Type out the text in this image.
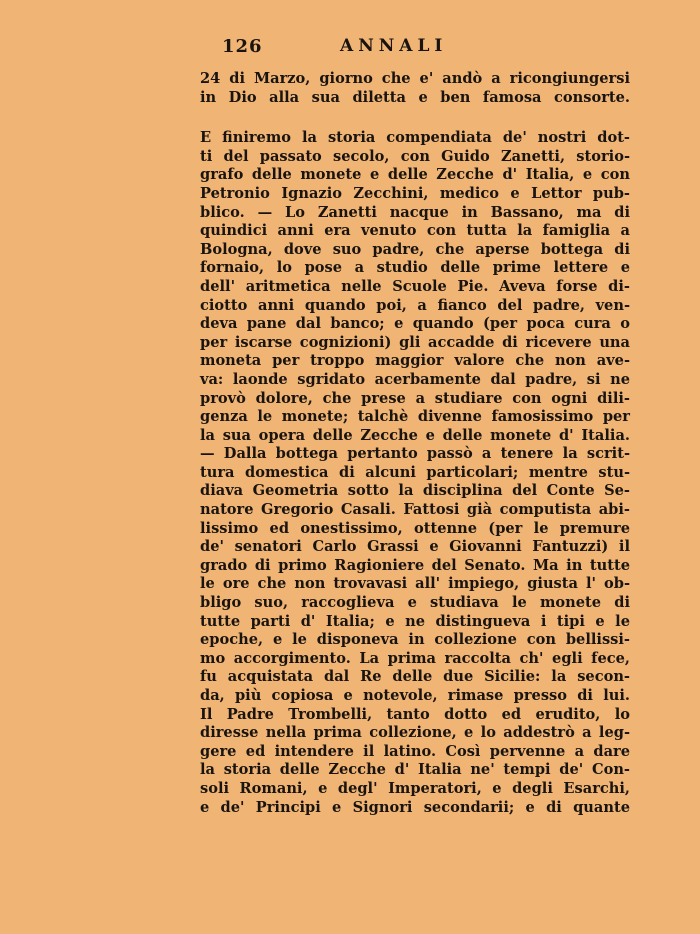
126	ANNALI
24 di Marzo, giorno che e' andò a ricongiungersi
in Dio alla sua diletta e ben famosa consorte.
E finiremo la storia compendiata de' nostri dot-
ti del passato secolo, con Guido Zanetti, storio-
grafo delle monete e delle Zecche d' Italia, e con
Petronio Ignazio Zecchini, medico e Lettor pub-
blico. — Lo Zanetti nacque in Bassano, ma di
quindici anni era venuto con tutta la famiglia a
Bologna, dove suo padre, che aperse bottega di
fornaio, lo pose a studio delle prime lettere e
dell' aritmetica nelle Scuole Pie. Aveva forse di-
ciotto anni quando poi, a fianco del padre, ven-
deva pane dal banco; e quando (per poca cura o
per iscarse cognizioni) gli accadde di ricevere una
moneta per troppo maggior valore che non ave-
va: laonde sgridato acerbamente dal padre, si ne
provò dolore, che prese a studiare con ogni dili-
genza le monete; talchè divenne famosissimo per
la sua opera delle Zecche e delle monete d' Italia.
— Dalla bottega pertanto passò a tenere la scrit-
tura domestica di alcuni particolari; mentre stu-
diava Geometria sotto la disciplina del Conte Se-
natore Gregorio Casali. Fattosi già computista abi-
lissimo ed onestissimo, ottenne (per le premure
de' senatori Carlo Grassi e Giovanni Fantuzzi) il
grado di primo Ragioniere del Senato. Ma in tutte
le ore che non trovavasi all' impiego, giusta l' ob-
bligo suo, raccoglieva e studiava le monete di
tutte parti d' Italia; e ne distingueva i tipi e le
epoche, e le disponeva in collezione con bellissi-
mo accorgimento. La prima raccolta ch' egli fece,
fu acquistata dal Re delle due Sicilie: la secon-
da, più copiosa e notevole, rimase presso di lui.
Il Padre Trombelli, tanto dotto ed erudito, lo
diresse nella prima collezione, e lo addestrò a leg-
gere ed intendere il latino. Così pervenne a dare
la storia delle Zecche d' Italia ne' tempi de' Con-
soli Romani, e degl' Imperatori, e degli Esarchi,
e de' Principi e Signori secondarii; e di quante
